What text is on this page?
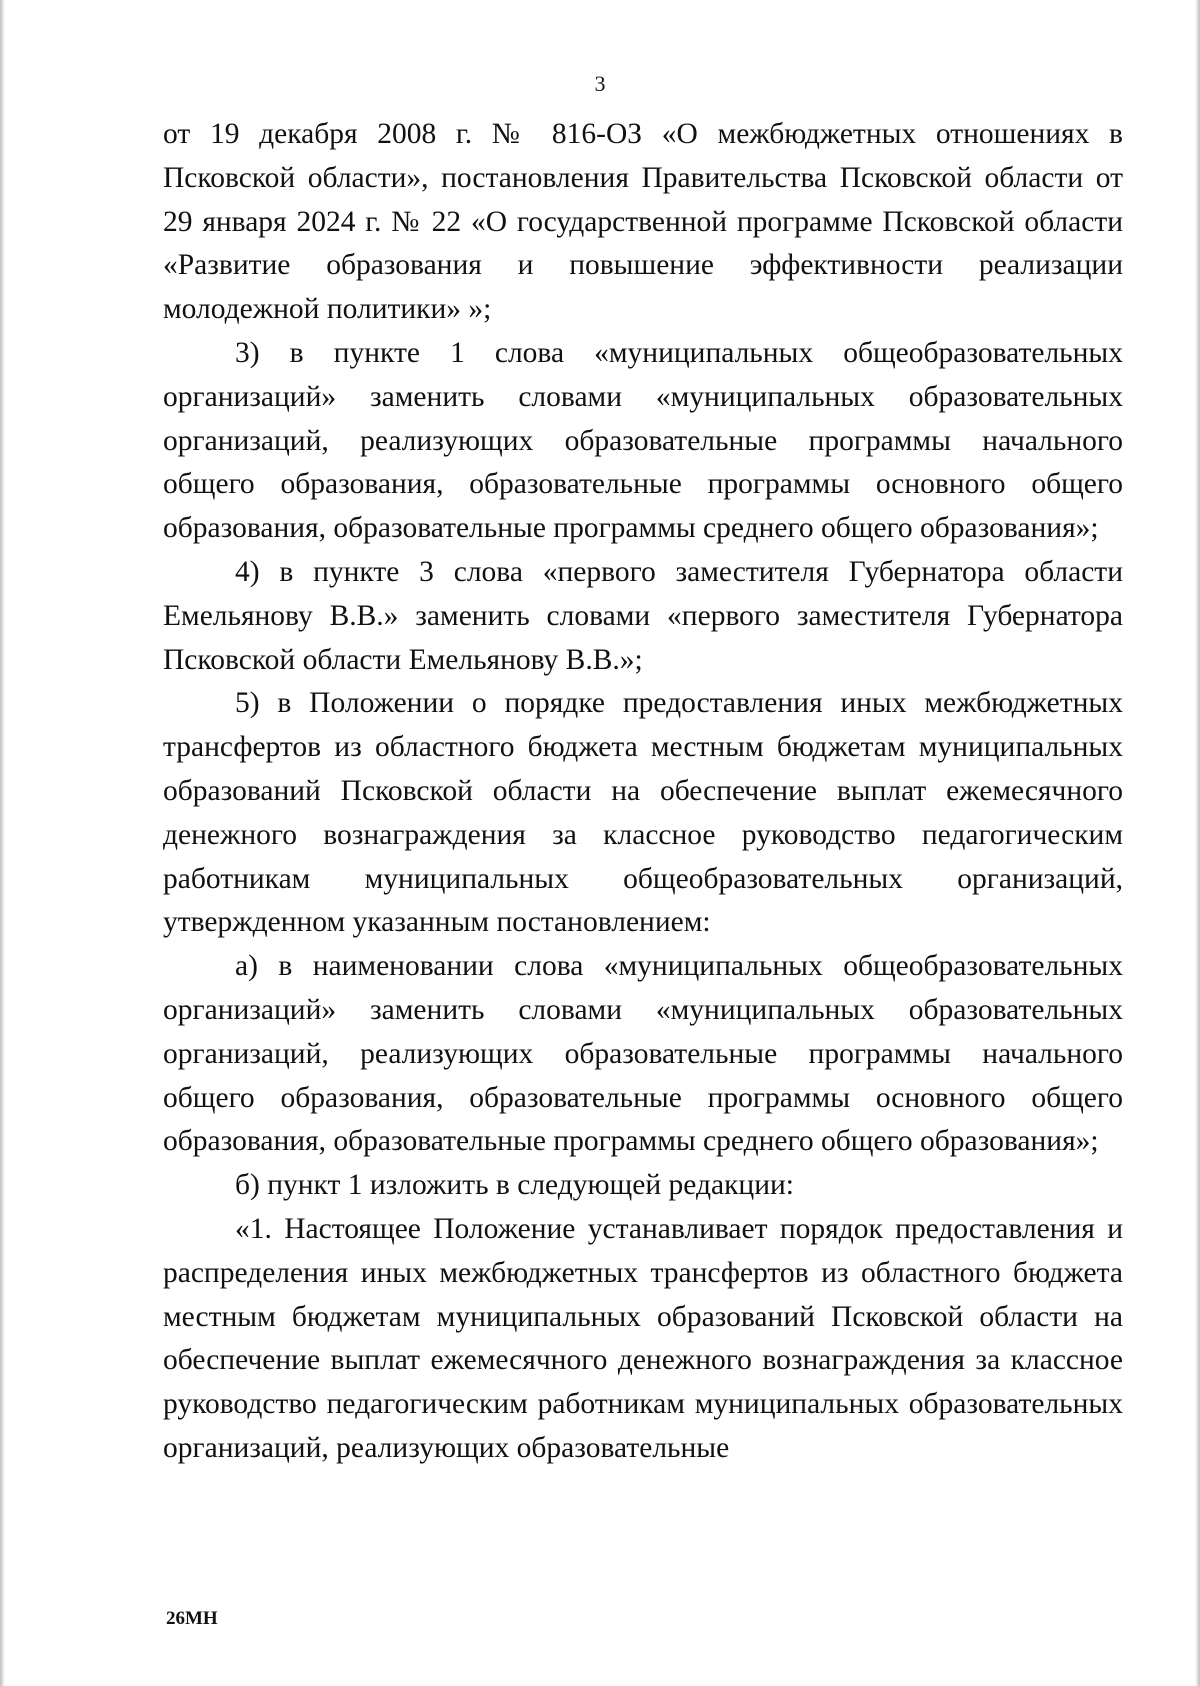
3

от 19 декабря 2008 г. № 816-ОЗ «О межбюджетных отношениях в Псковской области», постановления Правительства Псковской области от 29 января 2024 г. № 22 «О государственной программе Псковской области «Развитие образования и повышение эффективности реализации молодежной политики» »;

3) в пункте 1 слова «муниципальных общеобразовательных организаций» заменить словами «муниципальных образовательных организаций, реализующих образовательные программы начального общего образования, образовательные программы основного общего образования, образовательные программы среднего общего образования»;

4) в пункте 3 слова «первого заместителя Губернатора области Емельянову В.В.» заменить словами «первого заместителя Губернатора Псковской области Емельянову В.В.»;

5) в Положении о порядке предоставления иных межбюджетных трансфертов из областного бюджета местным бюджетам муниципальных образований Псковской области на обеспечение выплат ежемесячного денежного вознаграждения за классное руководство педагогическим работникам муниципальных общеобразовательных организаций, утвержденном указанным постановлением:

а) в наименовании слова «муниципальных общеобразовательных организаций» заменить словами «муниципальных образовательных организаций, реализующих образовательные программы начального общего образования, образовательные программы основного общего образования, образовательные программы среднего общего образования»;

б) пункт 1 изложить в следующей редакции:

«1. Настоящее Положение устанавливает порядок предоставления и распределения иных межбюджетных трансфертов из областного бюджета местным бюджетам муниципальных образований Псковской области на обеспечение выплат ежемесячного денежного вознаграждения за классное руководство педагогическим работникам муниципальных образовательных организаций, реализующих образовательные

26МН
